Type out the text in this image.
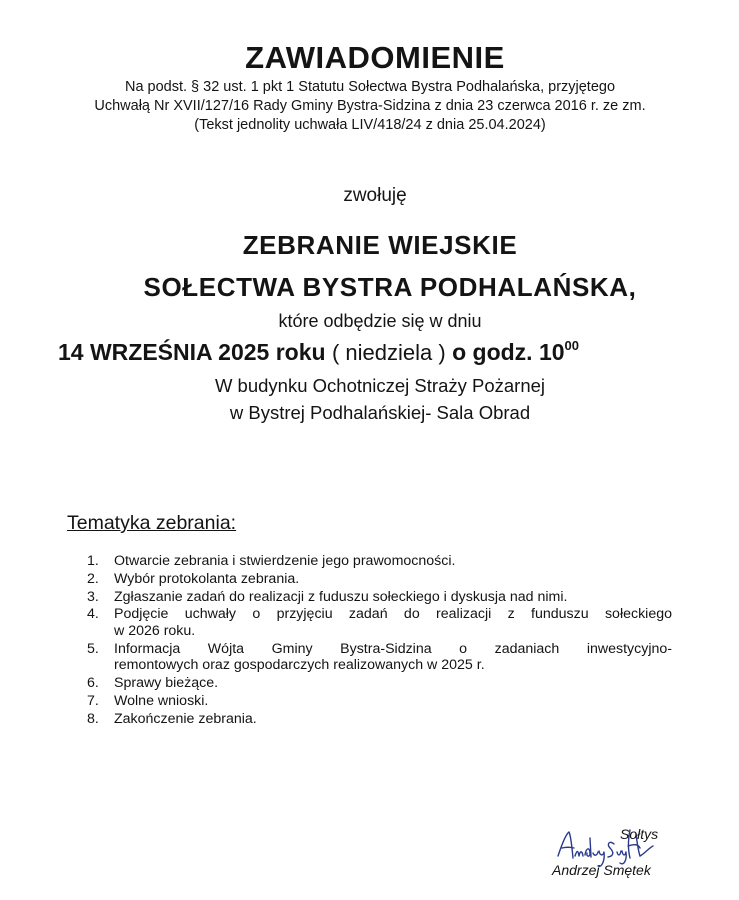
ZAWIADOMIENIE
Na podst. § 32 ust. 1 pkt 1 Statutu Sołectwa Bystra Podhalańska, przyjętego
Uchwałą Nr XVII/127/16 Rady Gminy Bystra-Sidzina z dnia 23 czerwca 2016 r. ze zm.
(Tekst jednolity uchwała LIV/418/24 z dnia 25.04.2024)
zwołuję
ZEBRANIE WIEJSKIE
SOŁECTWA BYSTRA PODHALAŃSKA,
które odbędzie się w dniu
14 WRZEŚNIA 2025 roku ( niedziela ) o godz. $10^{00}$
W budynku Ochotniczej Straży Pożarnej
w Bystrej Podhalańskiej- Sala Obrad
Tematyka zebrania:
1. Otwarcie zebrania i stwierdzenie jego prawomocności.
2. Wybór protokolanta zebrania.
3. Zgłaszanie zadań do realizacji z fuduszu sołeckiego i dyskusja nad nimi.
4. Podjęcie uchwały o przyjęciu zadań do realizacji z funduszu sołeckiego
w 2026 roku.
5. Informacja Wójta Gminy Bystra-Sidzina o zadaniach inwestycyjno-
remontowych oraz gospodarczych realizowanych w 2025 r.
6. Sprawy bieżące.
7. Wolne wnioski.
8. Zakończenie zebrania.
Sołtys
Andrzej Smętek
